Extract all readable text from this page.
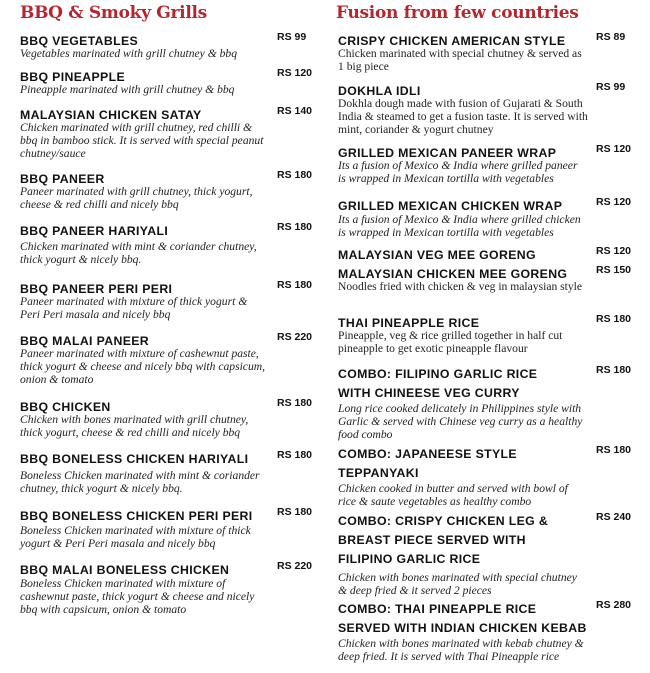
BBQ & Smoky Grills
BBQ VEGETABLES
Vegetables marinated with grill chutney & bbq
RS 99
BBQ PINEAPPLE
Pineapple marinated with grill chutney & bbq
RS 120
MALAYSIAN CHICKEN SATAY
Chicken marinated with grill chutney, red chilli & bbq in bamboo stick. It is served with special peanut chutney/sauce
RS 140
BBQ PANEER
Paneer marinated with grill chutney, thick yogurt, cheese & red chilli and nicely bbq
RS 180
BBQ PANEER HARIYALI
Chicken marinated with mint & coriander chutney, thick yogurt & nicely bbq.
RS 180
BBQ PANEER PERI PERI
Paneer marinated with mixture of thick yogurt & Peri Peri masala and nicely bbq
RS 180
BBQ MALAI PANEER
Paneer marinated with mixture of cashewnut paste, thick yogurt & cheese and nicely bbq with capsicum, onion & tomato
RS 220
BBQ CHICKEN
Chicken with bones marinated with grill chutney, thick yogurt, cheese & red chilli and nicely bbq
RS 180
BBQ BONELESS CHICKEN HARIYALI
Boneless Chicken marinated with mint & coriander chutney, thick yogurt & nicely bbq.
RS 180
BBQ BONELESS CHICKEN PERI PERI
Boneless Chicken marinated with mixture of thick yogurt & Peri Peri masala and nicely bbq
RS 180
BBQ MALAI BONELESS CHICKEN
Boneless Chicken marinated with mixture of cashewnut paste, thick yogurt & cheese and nicely bbq with capsicum, onion & tomato
RS 220
Fusion from few countries
CRISPY CHICKEN AMERICAN STYLE
Chicken marinated with special chutney & served as 1 big piece
RS 89
DOKHLA IDLI
Dokhla dough made with fusion of Gujarati & South India & steamed to get a fusion taste. It is served with mint, coriander & yogurt chutney
RS 99
GRILLED MEXICAN PANEER WRAP
Its a fusion of Mexico & India where grilled paneer is wrapped in Mexican tortilla with vegetables
RS 120
GRILLED MEXICAN CHICKEN WRAP
Its a fusion of Mexico & India where grilled chicken is wrapped in Mexican tortilla with vegetables
RS 120
MALAYSIAN VEG MEE GORENG	RS 120
MALAYSIAN CHICKEN MEE GORENG
Noodles fried with chicken & veg in malaysian style
RS 150
THAI PINEAPPLE RICE
Pineapple, veg & rice grilled together in half cut pineapple to get exotic pineapple flavour
RS 180
COMBO: FILIPINO GARLIC RICE
WITH CHINEESE VEG CURRY
Long rice cooked delicately in Philippines style with Garlic & served with Chinese veg curry as a healthy food combo
RS 180
COMBO: JAPANEESE STYLE
TEPPANYAKI
Chicken cooked in butter and served with bowl of rice & saute vegetables as healthy combo
RS 180
COMBO: CRISPY CHICKEN LEG &
BREAST PIECE SERVED WITH
FILIPINO GARLIC RICE
Chicken with bones marinated with special chutney & deep fried & it served 2 pieces
RS 240
COMBO: THAI PINEAPPLE RICE
SERVED WITH INDIAN CHICKEN KEBAB
Chicken with bones marinated with kebab chutney & deep fried. It is served with Thai Pineapple rice
RS 280
